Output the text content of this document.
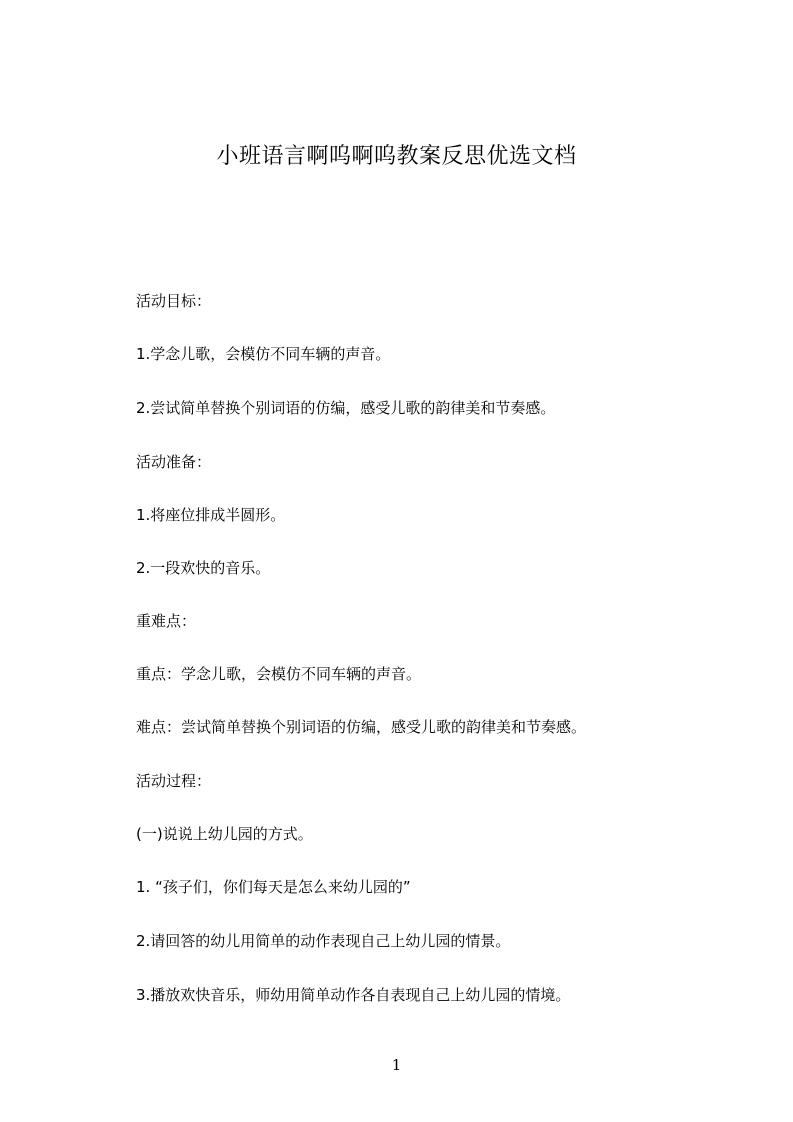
小班语言啊呜啊呜教案反思优选文档
活动目标：
1.学念儿歌，会模仿不同车辆的声音。
2.尝试简单替换个别词语的仿编，感受儿歌的韵律美和节奏感。
活动准备：
1.将座位排成半圆形。
2.一段欢快的音乐。
重难点：
重点：学念儿歌，会模仿不同车辆的声音。
难点：尝试简单替换个别词语的仿编，感受儿歌的韵律美和节奏感。
活动过程：
(一)说说上幼儿园的方式。
1. “孩子们，你们每天是怎么来幼儿园的”
2.请回答的幼儿用简单的动作表现自己上幼儿园的情景。
3.播放欢快音乐，师幼用简单动作各自表现自己上幼儿园的情境。
1
